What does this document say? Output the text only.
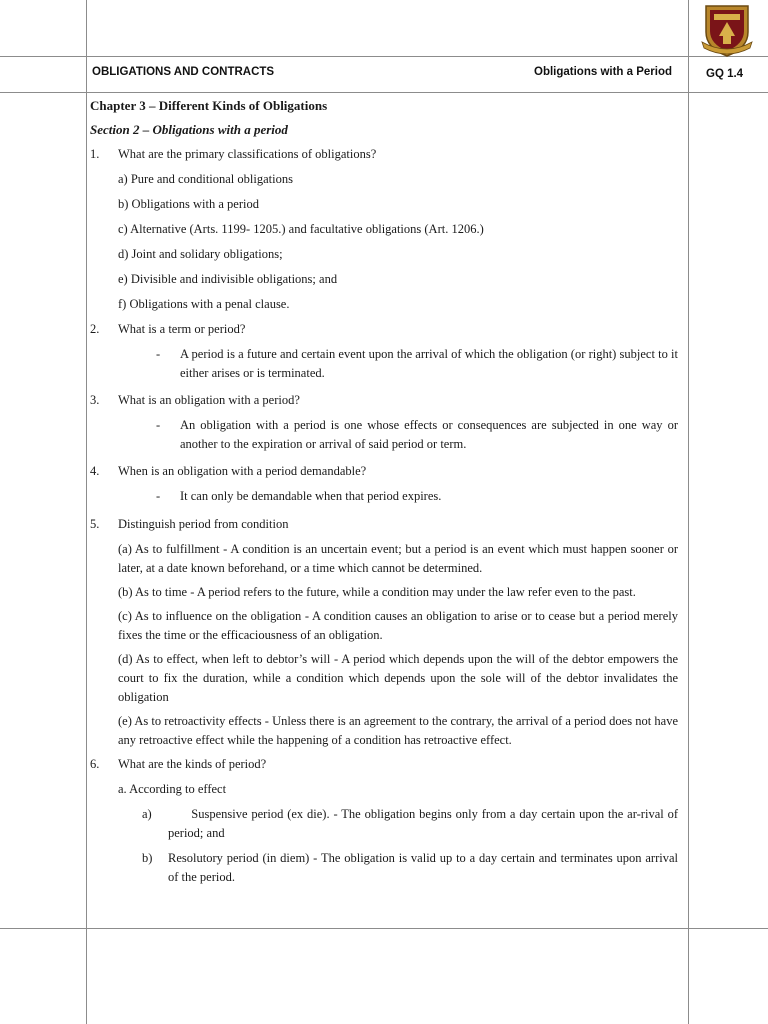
OBLIGATIONS AND CONTRACTS	Obligations with a Period	GQ 1.4

Chapter 3 – Different Kinds of Obligations

Section 2 – Obligations with a period

1.	What are the primary classifications of obligations?
a) Pure and conditional obligations
b) Obligations with a period
c) Alternative (Arts. 1199- 1205.) and facultative obligations (Art. 1206.)
d) Joint and solidary obligations;
e) Divisible and indivisible obligations; and
f) Obligations with a penal clause.
2.	What is a term or period?
-	A period is a future and certain event upon the arrival of which the obligation (or right) subject to it either arises or is terminated.
3.	What is an obligation with a period?
-	An obligation with a period is one whose effects or consequences are subjected in one way or another to the expiration or arrival of said period or term.
4.	When is an obligation with a period demandable?
-	It can only be demandable when that period expires.
5.	Distinguish period from condition
(a) As to fulfillment - A condition is an uncertain event; but a period is an event which must happen sooner or later, at a date known beforehand, or a time which cannot be determined.
(b) As to time - A period refers to the future, while a condition may under the law refer even to the past.
(c) As to influence on the obligation - A condition causes an obligation to arise or to cease but a period merely fixes the time or the efficaciousness of an obligation.
(d) As to effect, when left to debtor’s will - A period which depends upon the will of the debtor empowers the court to fix the duration, while a condition which depends upon the sole will of the debtor invalidates the obligation
(e) As to retroactivity effects - Unless there is an agreement to the contrary, the arrival of a period does not have any retroactive effect while the happening of a condition has retroactive effect.
6.	What are the kinds of period?
a. According to effect
a)	Suspensive period (ex die). - The obligation begins only from a day certain upon the ar-rival of period; and
b)	Resolutory period (in diem) - The obligation is valid up to a day certain and terminates upon arrival of the period.
